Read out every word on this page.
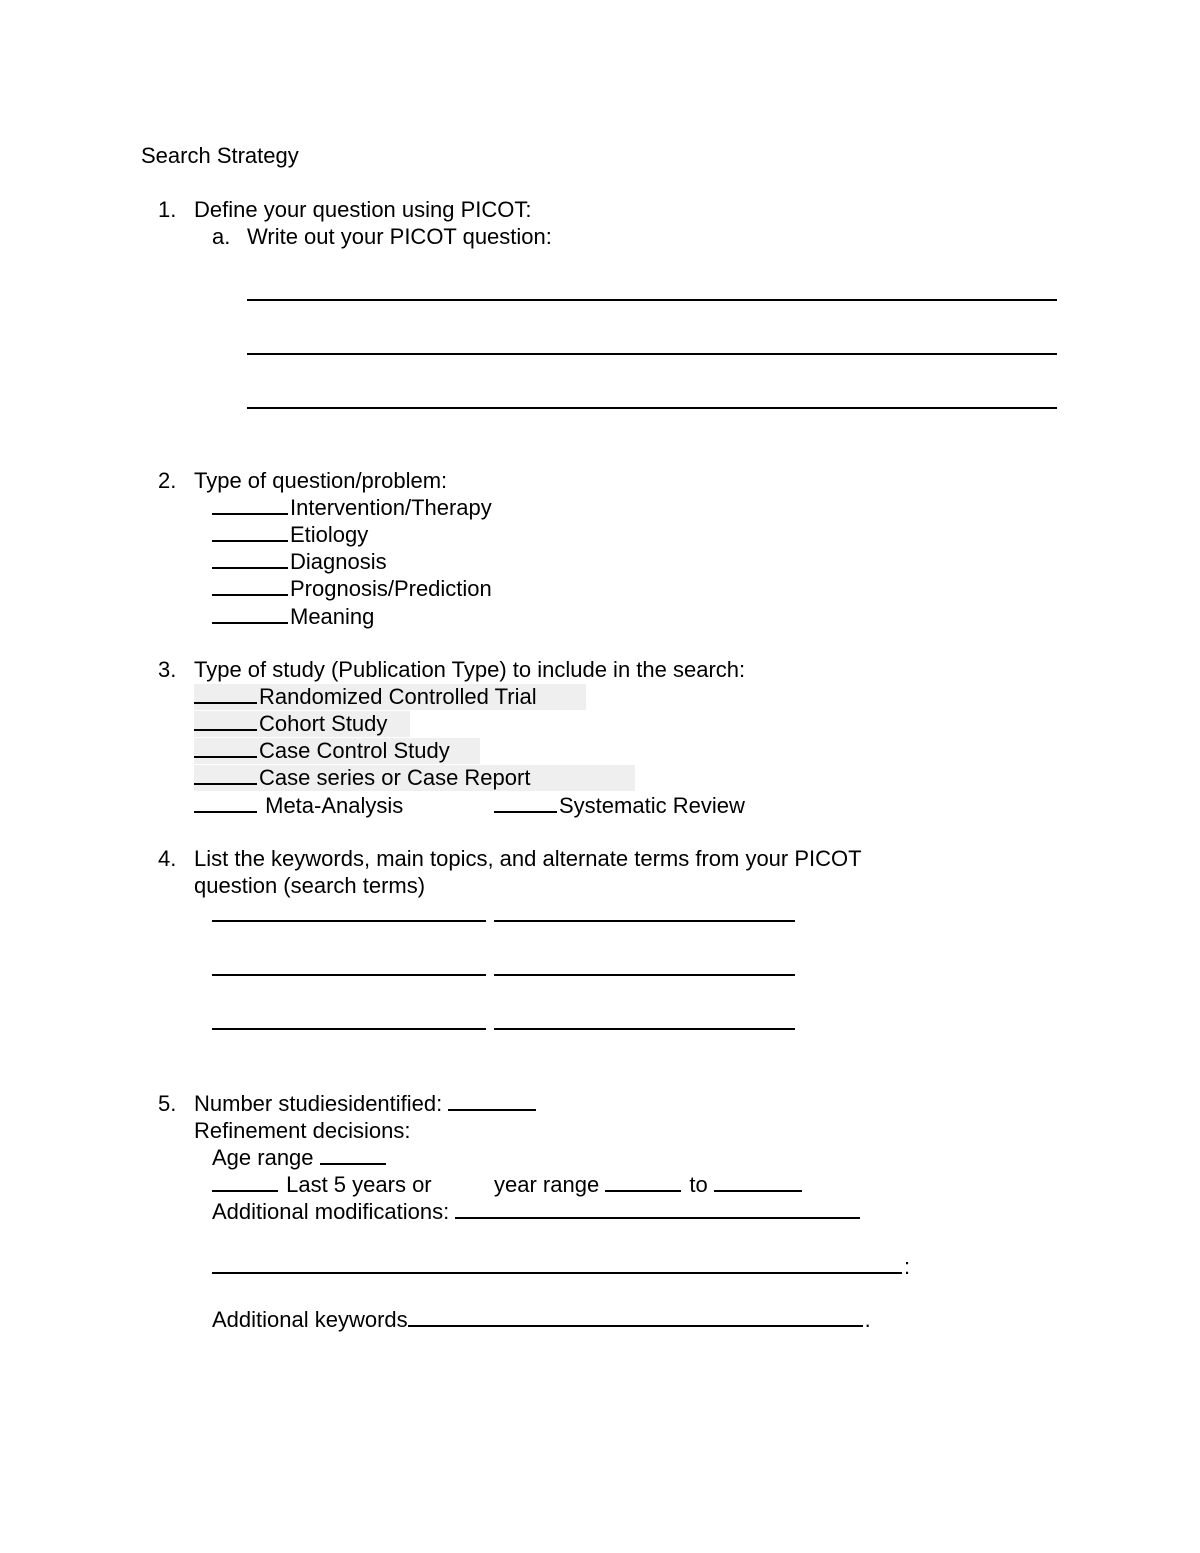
Search Strategy
1. Define your question using PICOT:
a. Write out your PICOT question:
2. Type of question/problem:
Intervention/Therapy
Etiology
Diagnosis
Prognosis/Prediction
Meaning
3. Type of study (Publication Type) to include in the search:
Randomized Controlled Trial
Cohort Study
Case Control Study
Case series or Case Report
Meta-Analysis	Systematic Review
4. List the keywords, main topics, and alternate terms from your PICOT
question (search terms)
5. Number studiesidentified:
Refinement decisions:
Age range
Last 5 years or	year range	to
Additional modifications:
:
Additional keywords	.
